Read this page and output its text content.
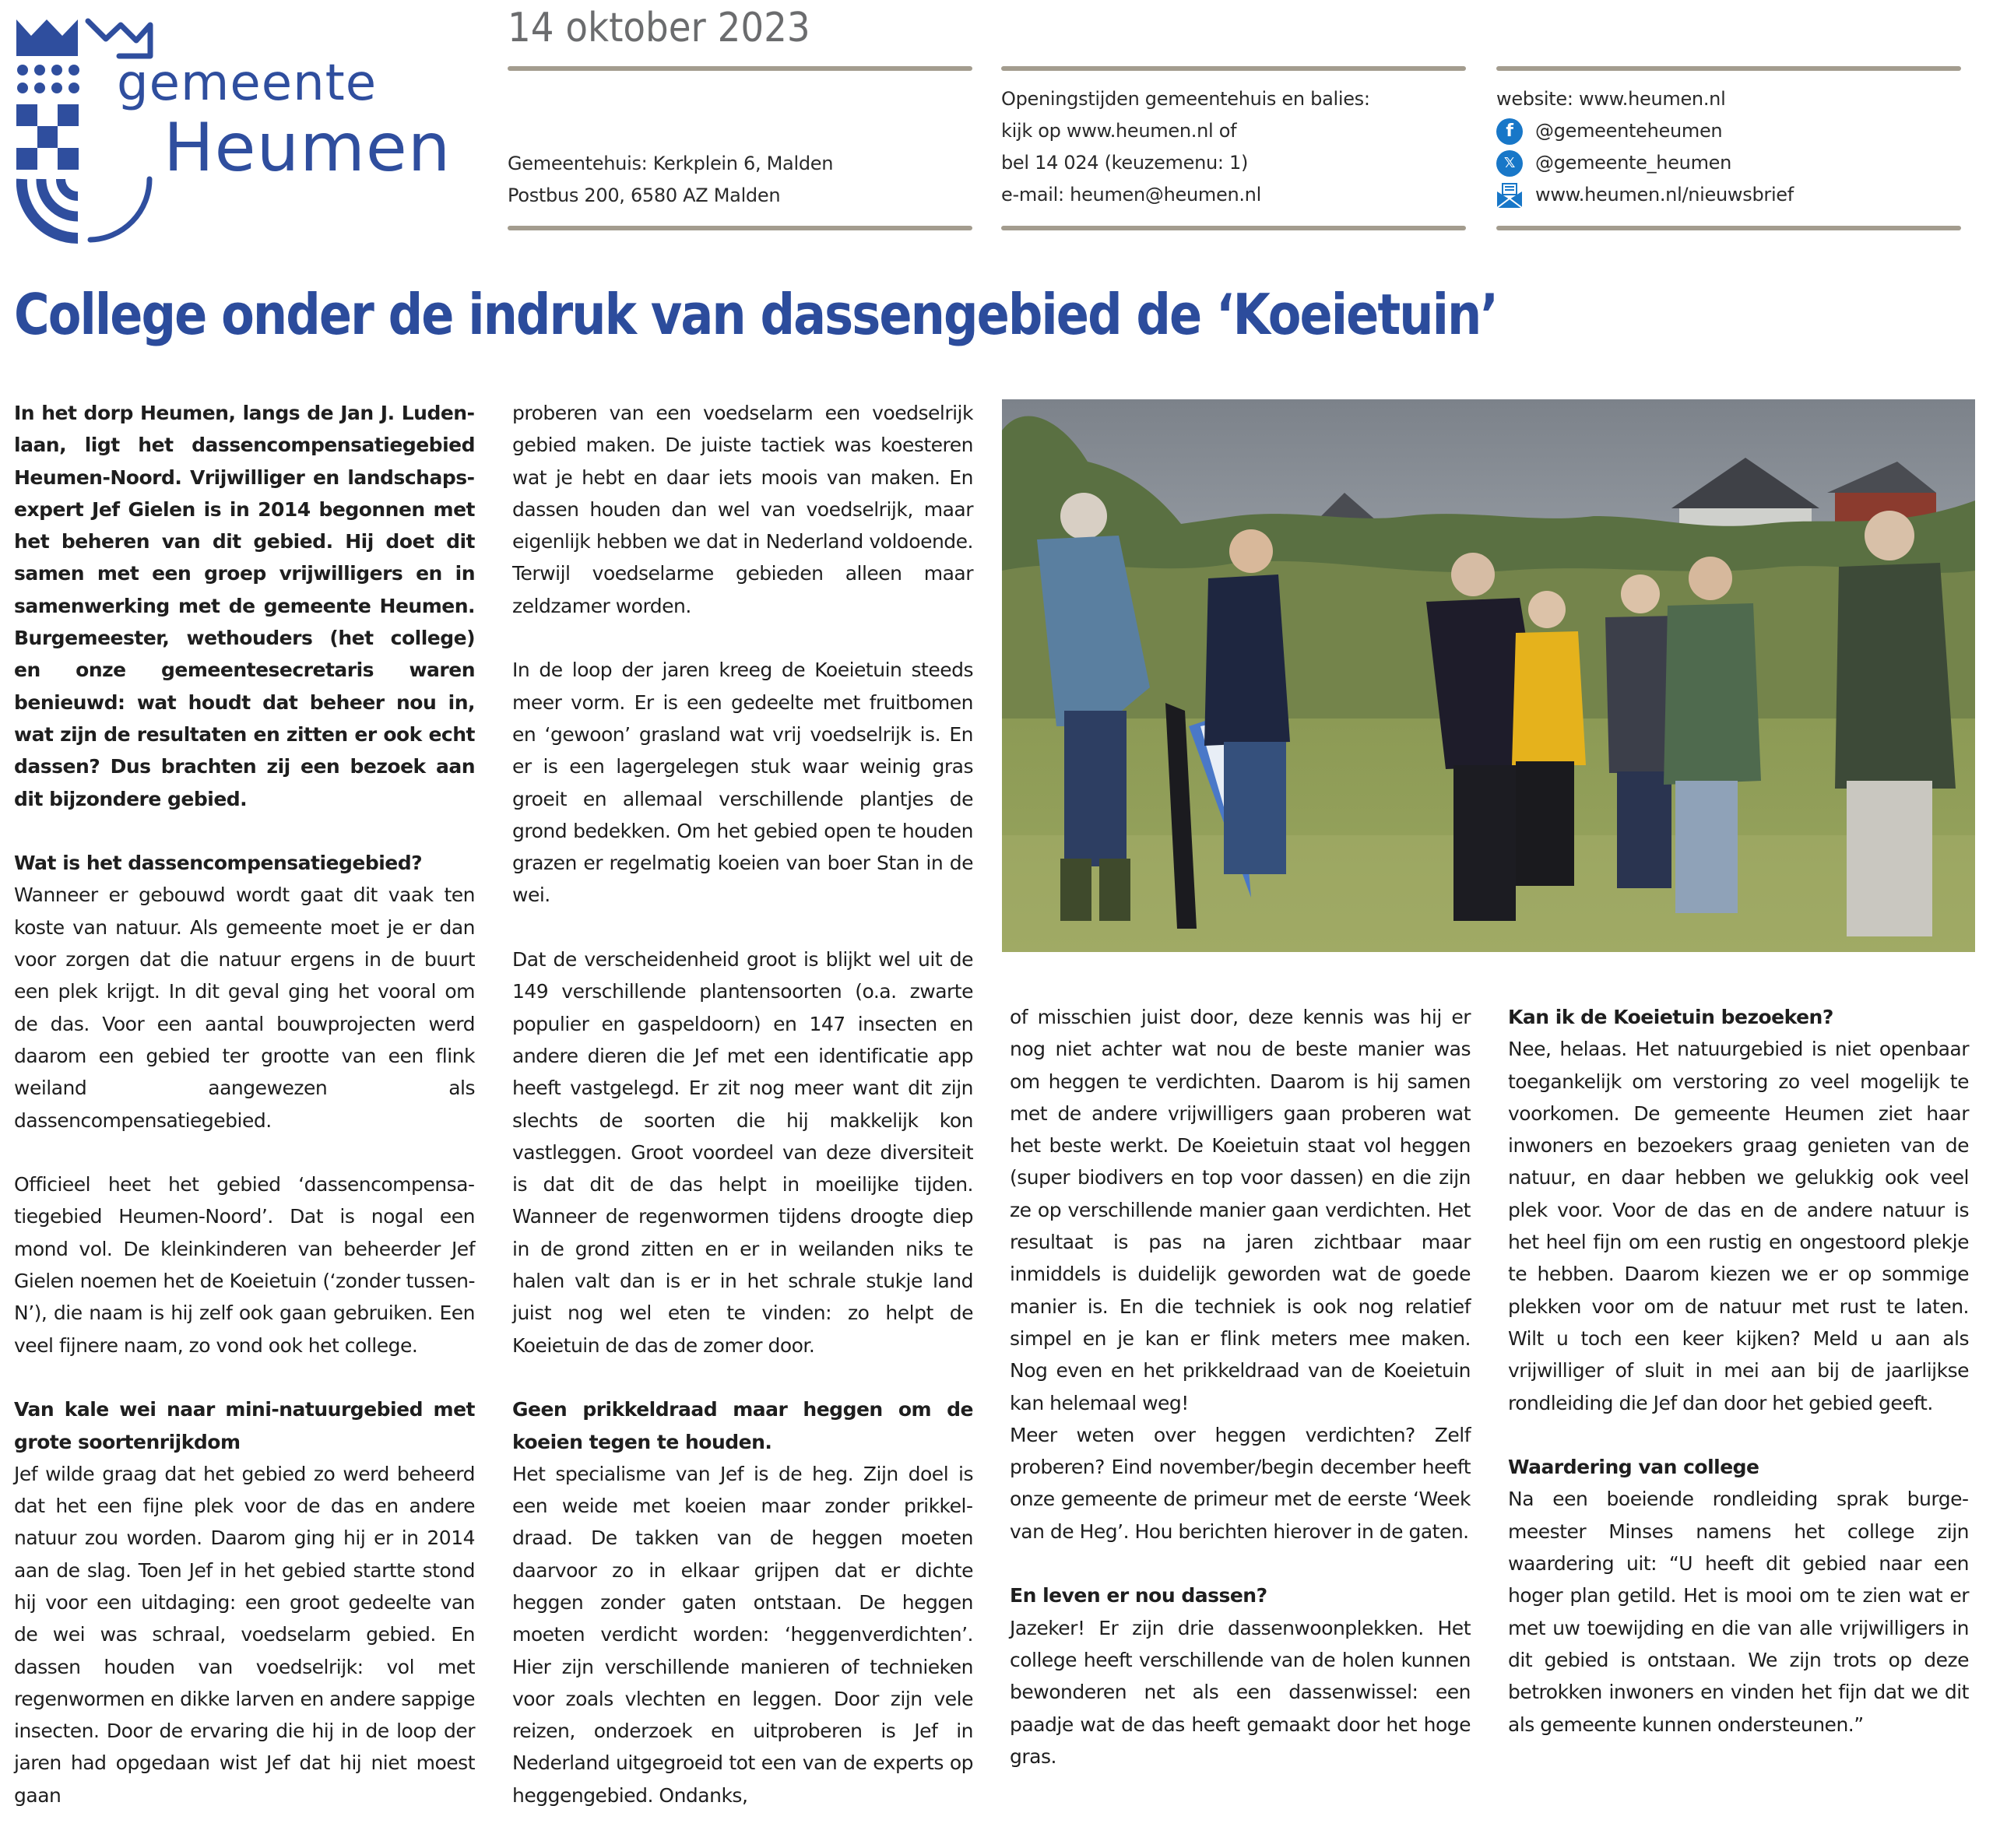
gemeente
Heumen
14 oktober 2023
Gemeentehuis: Kerkplein 6, Malden
Postbus 200, 6580 AZ Malden
Openingstijden gemeentehuis en balies:
kijk op www.heumen.nl of
bel 14 024 (keuzemenu: 1)
e-mail: heumen@heumen.nl
website: www.heumen.nl
f	@gemeenteheumen
𝕏	@gemeente_heumen
www.heumen.nl/nieuwsbrief
College onder de indruk van dassengebied de ‘Koeietuin’

In het dorp Heumen, langs de Jan J. Ludenlaan, ligt het dassencompensatiegebied Heumen-Noord. Vrijwilliger en landschapsexpert Jef Gielen is in 2014 begonnen met het beheren van dit gebied. Hij doet dit samen met een groep vrijwilligers en in samenwerking met de gemeente Heumen. Burgemeester, wethouders (het college) en onze gemeentesecretaris waren benieuwd: wat houdt dat beheer nou in, wat zijn de resultaten en zitten er ook echt dassen? Dus brachten zij een bezoek aan dit bijzondere gebied.

Wat is het dassencompensatiegebied?

Wanneer er gebouwd wordt gaat dit vaak ten koste van natuur. Als gemeente moet je er dan voor zorgen dat die natuur ergens in de buurt een plek krijgt. In dit geval ging het vooral om de das. Voor een aantal bouwprojecten werd daarom een gebied ter grootte van een flink weiland aangewezen als dassencompensatiegebied.

Officieel heet het gebied ‘dassencompensatiegebied Heumen-Noord’. Dat is nogal een mond vol. De kleinkinderen van beheerder Jef Gielen noemen het de Koeietuin (‘zonder tussen-N’), die naam is hij zelf ook gaan gebruiken. Een veel fijnere naam, zo vond ook het college.

Van kale wei naar mini-natuurgebied met grote soortenrijkdom

Jef wilde graag dat het gebied zo werd beheerd dat het een fijne plek voor de das en andere natuur zou worden. Daarom ging hij er in 2014 aan de slag. Toen Jef in het gebied startte stond hij voor een uitdaging: een groot gedeelte van de wei was schraal, voedselarm gebied. En dassen houden van voedselrijk: vol met regenwormen en dikke larven en andere sappige insecten. Door de ervaring die hij in de loop der jaren had opgedaan wist Jef dat hij niet moest gaan

proberen van een voedselarm een voedselrijk gebied maken. De juiste tactiek was koesteren wat je hebt en daar iets moois van maken. En dassen houden dan wel van voedselrijk, maar eigenlijk hebben we dat in Nederland voldoende. Terwijl voedselarme gebieden alleen maar zeldzamer worden.

In de loop der jaren kreeg de Koeietuin steeds meer vorm. Er is een gedeelte met fruitbomen en ‘gewoon’ grasland wat vrij voedselrijk is. En er is een lagergelegen stuk waar weinig gras groeit en allemaal verschillende plantjes de grond bedekken. Om het gebied open te houden grazen er regelmatig koeien van boer Stan in de wei.

Dat de verscheidenheid groot is blijkt wel uit de 149 verschillende plantensoorten (o.a. zwarte populier en gaspeldoorn) en 147 insecten en andere dieren die Jef met een identificatie app heeft vastgelegd. Er zit nog meer want dit zijn slechts de soorten die hij makkelijk kon vastleggen. Groot voordeel van deze diversiteit is dat dit de das helpt in moeilijke tijden. Wanneer de regenwormen tijdens droogte diep in de grond zitten en er in weilanden niks te halen valt dan is er in het schrale stukje land juist nog wel eten te vinden: zo helpt de Koeietuin de das de zomer door.

Geen prikkeldraad maar heggen om de koeien tegen te houden.

Het specialisme van Jef is de heg. Zijn doel is een weide met koeien maar zonder prikkeldraad. De takken van de heggen moeten daarvoor zo in elkaar grijpen dat er dichte heggen zonder gaten ontstaan. De heggen moeten verdicht worden: ‘heggenverdichten’. Hier zijn verschillende manieren of technieken voor zoals vlechten en leggen. Door zijn vele reizen, onderzoek en uitproberen is Jef in Nederland uitgegroeid tot een van de experts op heggengebied. Ondanks,

of misschien juist door, deze kennis was hij er nog niet achter wat nou de beste manier was om heggen te verdichten. Daarom is hij samen met de andere vrijwilligers gaan proberen wat het beste werkt. De Koeietuin staat vol heggen (super biodivers en top voor dassen) en die zijn ze op verschillende manier gaan verdichten. Het resultaat is pas na jaren zichtbaar maar inmiddels is duidelijk geworden wat de goede manier is. En die techniek is ook nog relatief simpel en je kan er flink meters mee maken. Nog even en het prikkeldraad van de Koeietuin kan helemaal weg!

Meer weten over heggen verdichten? Zelf proberen? Eind november/begin december heeft onze gemeente de primeur met de eerste ‘Week van de Heg’. Hou berichten hierover in de gaten.

En leven er nou dassen?

Jazeker! Er zijn drie dassenwoonplekken. Het college heeft verschillende van de holen kunnen bewonderen net als een dassenwissel: een paadje wat de das heeft gemaakt door het hoge gras.

Kan ik de Koeietuin bezoeken?

Nee, helaas. Het natuurgebied is niet openbaar toegankelijk om verstoring zo veel mogelijk te voorkomen. De gemeente Heumen ziet haar inwoners en bezoekers graag genieten van de natuur, en daar hebben we gelukkig ook veel plek voor. Voor de das en de andere natuur is het heel fijn om een rustig en ongestoord plekje te hebben. Daarom kiezen we er op sommige plekken voor om de natuur met rust te laten. Wilt u toch een keer kijken? Meld u aan als vrijwilliger of sluit in mei aan bij de jaarlijkse rondleiding die Jef dan door het gebied geeft.

Waardering van college

Na een boeiende rondleiding sprak burgemeester Minses namens het college zijn waardering uit: “U heeft dit gebied naar een hoger plan getild. Het is mooi om te zien wat er met uw toewijding en die van alle vrijwilligers in dit gebied is ontstaan. We zijn trots op deze betrokken inwoners en vinden het fijn dat we dit als gemeente kunnen ondersteunen.”
